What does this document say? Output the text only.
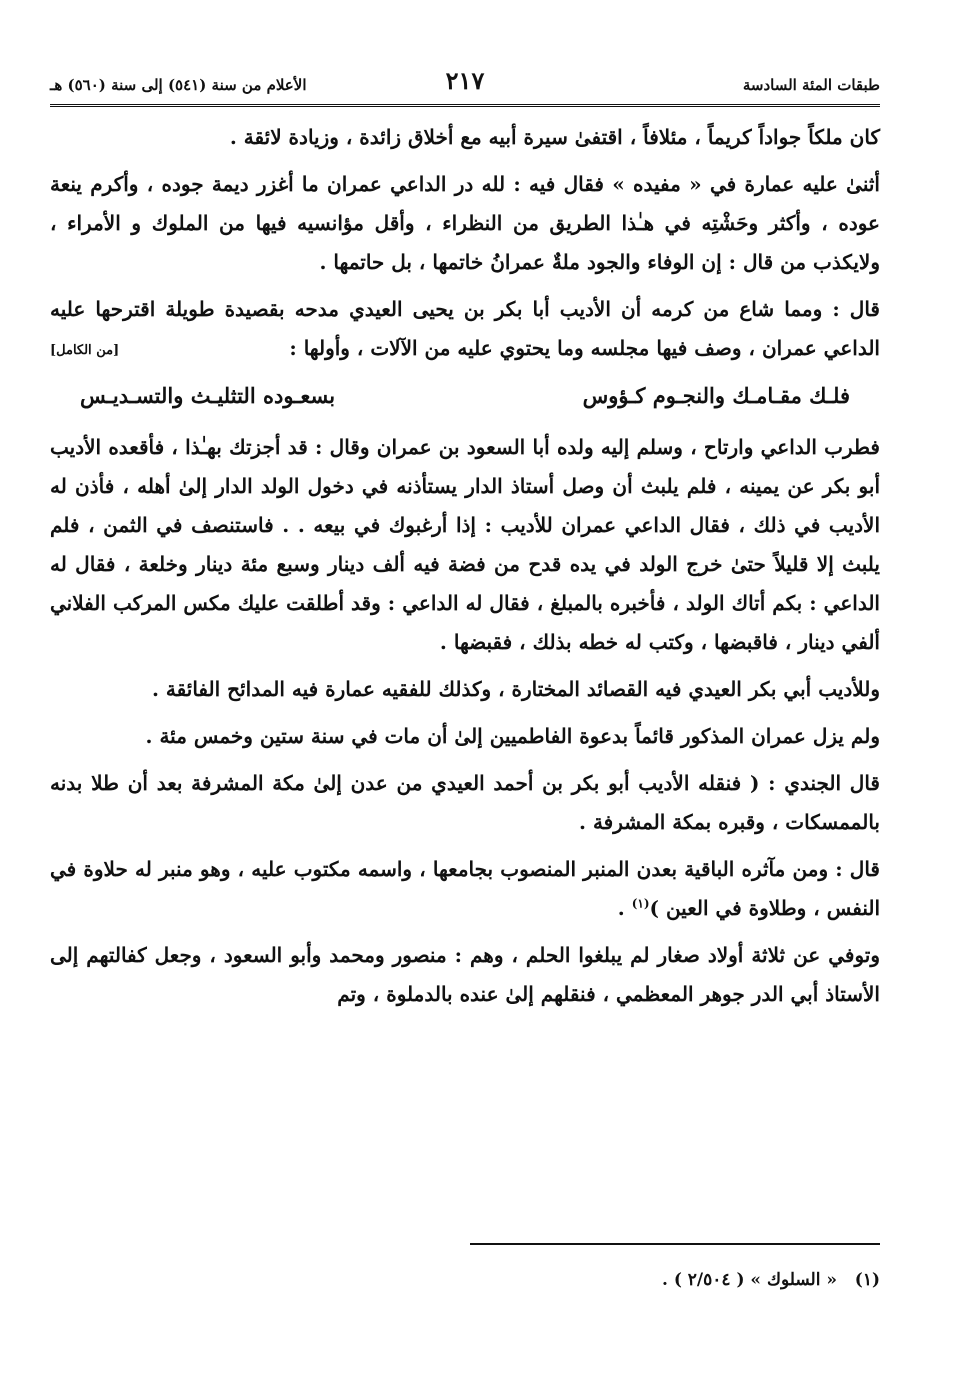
طبقات المئة السادسة
٢١٧
الأعلام من سنة (٥٤١) إلى سنة (٥٦٠) هـ

كان ملكاً جواداً كريماً ، مئلافاً ، اقتفىٰ سيرة أبيه مع أخلاق زائدة ، وزيادة لائقة .

أثنىٰ عليه عمارة في « مفيده » فقال فيه : لله در الداعي عمران ما أغزر ديمة جوده ، وأكرم ينعة عوده ، وأكثر وحَشْتِه في هـٰذا الطريق من النظراء ، وأقل مؤانسيه فيها من الملوك و الأمراء ، ولايكذب من قال : إن الوفاء والجود ملةٌ عمرانُ خاتمها ، بل حاتمها .

قال : ومما شاع من كرمه أن الأديب أبا بكر بن يحيى العيدي مدحه بقصيدة طويلة اقترحها عليه الداعي عمران ، وصف فيها مجلسه وما يحتوي عليه من الآلات ، وأولها :
[من الكامل]

فلـك مقـامـك والنجـوم كـؤوس
بسعـوده التثليـث والتسـديـس

فطرب الداعي وارتاح ، وسلم إليه ولده أبا السعود بن عمران وقال : قد أجزتك بهـٰذا ، فأقعده الأديب أبو بكر عن يمينه ، فلم يلبث أن وصل أستاذ الدار يستأذنه في دخول الولد الدار إلىٰ أهله ، فأذن له الأديب في ذلك ، فقال الداعي عمران للأديب : إذا أرغبوك في بيعه . . فاستنصف في الثمن ، فلم يلبث إلا قليلاً حتىٰ خرج الولد في يده قدح من فضة فيه ألف دينار وسبع مئة دينار وخلعة ، فقال له الداعي : بكم أتاك الولد ، فأخبره بالمبلغ ، فقال له الداعي : وقد أطلقت عليك مكس المركب الفلاني ألفي دينار ، فاقبضها ، وكتب له خطه بذلك ، فقبضها .

وللأديب أبي بكر العيدي فيه القصائد المختارة ، وكذلك للفقيه عمارة فيه المدائح الفائقة .

ولم يزل عمران المذكور قائماً بدعوة الفاطميين إلىٰ أن مات في سنة ستين وخمس مئة .

قال الجندي : ( فنقله الأديب أبو بكر بن أحمد العيدي من عدن إلىٰ مكة المشرفة بعد أن طلا بدنه بالممسكات ، وقبره بمكة المشرفة .

قال : ومن مآثره الباقية بعدن المنبر المنصوب بجامعها ، واسمه مكتوب عليه ، وهو منبر له حلاوة في النفس ، وطلاوة في العين )$^{(١)}$ .

وتوفي عن ثلاثة أولاد صغار لم يبلغوا الحلم ، وهم : منصور ومحمد وأبو السعود ، وجعل كفالتهم إلى الأستاذ أبي الدر جوهر المعظمي ، فنقلهم إلىٰ عنده بالدملوة ، وتم

(١)   « السلوك » ( ٢/٥٠٤ ) .
